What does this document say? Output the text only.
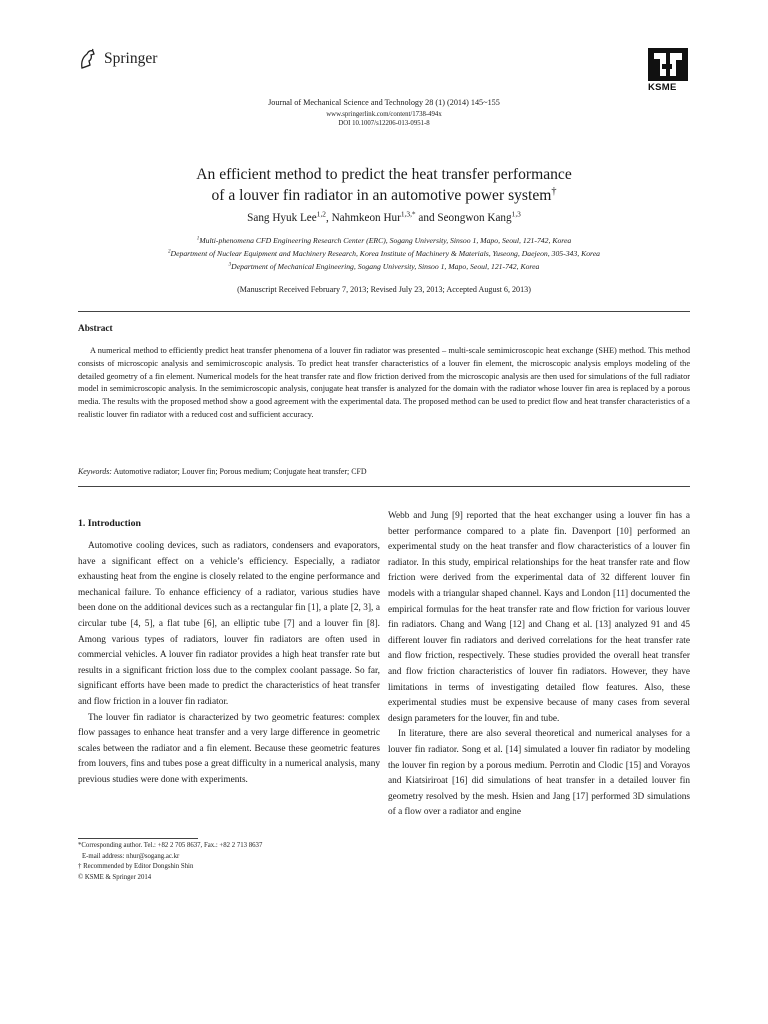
Springer
KSME
Journal of Mechanical Science and Technology 28 (1) (2014) 145~155
www.springerlink.com/content/1738-494x
DOI 10.1007/s12206-013-0951-8
An efficient method to predict the heat transfer performance
of a louver fin radiator in an automotive power system†
Sang Hyuk Lee$^{1,2}$, Nahmkeon Hur$^{1,3,*}$ and Seongwon Kang$^{1,3}$
$^1$Multi-phenomena CFD Engineering Research Center (ERC), Sogang University, Sinsoo 1, Mapo, Seoul, 121-742, Korea
$^2$Department of Nuclear Equipment and Machinery Research, Korea Institute of Machinery & Materials, Yuseong, Daejeon, 305-343, Korea
$^3$Department of Mechanical Engineering, Sogang University, Sinsoo 1, Mapo, Seoul, 121-742, Korea
(Manuscript Received February 7, 2013; Revised July 23, 2013; Accepted August 6, 2013)
Abstract
A numerical method to efficiently predict heat transfer phenomena of a louver fin radiator was presented – multi-scale semimicroscopic heat exchange (SHE) method. This method consists of microscopic analysis and semimicroscopic analysis. To predict heat transfer characteristics of a louver fin element, the microscopic analysis employs modeling of the detailed geometry of a fin element. Numerical models for the heat transfer rate and flow friction derived from the microscopic analysis are then used for simulations of the full radiator model in semimicroscopic analysis. In the semimicroscopic analysis, conjugate heat transfer is analyzed for the domain with the radiator whose louver fin area is replaced by a porous media. The results with the proposed method show a good agreement with the experimental data. The proposed method can be used to predict flow and heat transfer characteristics of a realistic louver fin radiator with a reduced cost and sufficient accuracy.
Keywords: Automotive radiator; Louver fin; Porous medium; Conjugate heat transfer; CFD
1. Introduction

Automotive cooling devices, such as radiators, condensers and evaporators, have a significant effect on a vehicle’s efficiency. Especially, a radiator exhausting heat from the engine is closely related to the engine performance and mechanical failure. To enhance efficiency of a radiator, various studies have been done on the additional devices such as a rectangular fin [1], a plate [2, 3], a circular tube [4, 5], a flat tube [6], an elliptic tube [7] and a louver fin [8]. Among various types of radiators, louver fin radiators are often used in commercial vehicles. A louver fin radiator provides a high heat transfer rate but results in a significant friction loss due to the complex coolant passage. So far, significant efforts have been made to predict the characteristics of heat transfer and flow friction in a louver fin radiator.

The louver fin radiator is characterized by two geometric features: complex flow passages to enhance heat transfer and a very large difference in geometric scales between the radiator and a fin element. Because these geometric features from louvers, fins and tubes pose a great difficulty in a numerical analysis, many previous studies were done with experiments.

Webb and Jung [9] reported that the heat exchanger using a louver fin has a better performance compared to a plate fin. Davenport [10] performed an experimental study on the heat transfer and flow characteristics of a louver fin radiator. In this study, empirical relationships for the heat transfer rate and flow friction were derived from the experimental data of 32 different louver fin models with a triangular shaped channel. Kays and London [11] documented the empirical formulas for the heat transfer rate and flow friction for various louver fin radiators. Chang and Wang [12] and Chang et al. [13] analyzed 91 and 45 different louver fin radiators and derived correlations for the heat transfer rate and flow friction, respectively. These studies provided the overall heat transfer and flow friction characteristics of louver fin radiators. However, they have limitations in terms of investigating detailed flow features. Also, these experimental studies must be expensive because of many cases from several design parameters for the louver, fin and tube.

In literature, there are also several theoretical and numerical analyses for a louver fin radiator. Song et al. [14] simulated a louver fin radiator by modeling the louver fin region by a porous medium. Perrotin and Clodic [15] and Vorayos and Kiatsiriroat [16] did simulations of heat transfer in a detailed louver fin geometry resolved by the mesh. Hsien and Jang [17] performed 3D simulations of a flow over a radiator and engine

*Corresponding author. Tel.: +82 2 705 8637, Fax.: +82 2 713 8637
E-mail address: nhur@sogang.ac.kr
† Recommended by Editor Dongshin Shin
© KSME & Springer 2014
